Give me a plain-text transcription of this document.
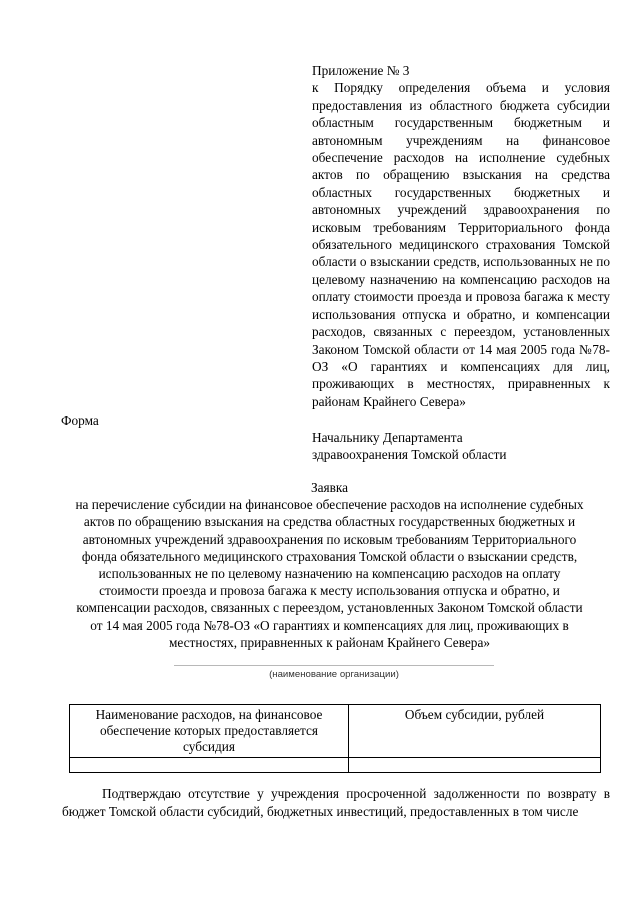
Приложение № 3
к Порядку определения объема и условия предоставления из областного бюджета субсидии областным государственным бюджетным и автономным учреждениям на финансовое обеспечение расходов на исполнение судебных актов по обращению взыскания на средства областных государственных бюджетных и автономных учреждений здравоохранения по исковым требованиям Территориального фонда обязательного медицинского страхования Томской области о взыскании средств, использованных не по целевому назначению на компенсацию расходов на оплату стоимости проезда и провоза багажа к месту использования отпуска и обратно, и компенсации расходов, связанных с переездом, установленных Законом Томской области от 14 мая 2005 года №78-ОЗ «О гарантиях и компенсациях для лиц, проживающих в местностях, приравненных к районам Крайнего Севера»
Форма
Начальнику Департамента
здравоохранения Томской области
Заявка
на перечисление субсидии на финансовое обеспечение расходов на исполнение судебных
актов по обращению взыскания на средства областных государственных бюджетных и
автономных учреждений здравоохранения по исковым требованиям Территориального
фонда обязательного медицинского страхования Томской области о взыскании средств,
использованных не по целевому назначению на компенсацию расходов на оплату
стоимости проезда и провоза багажа к месту использования отпуска и обратно, и
компенсации расходов, связанных с переездом, установленных Законом Томской области
от 14 мая 2005 года №78-ОЗ «О гарантиях и компенсациях для лиц, проживающих в
местностях, приравненных к районам Крайнего Севера»
(наименование организации)
Наименование расходов, на финансовое обеспечение которых предоставляется субсидия	Объем субсидии, рублей

Подтверждаю отсутствие у учреждения просроченной задолженности по возврату в бюджет Томской области субсидий, бюджетных инвестиций, предоставленных в том числе
